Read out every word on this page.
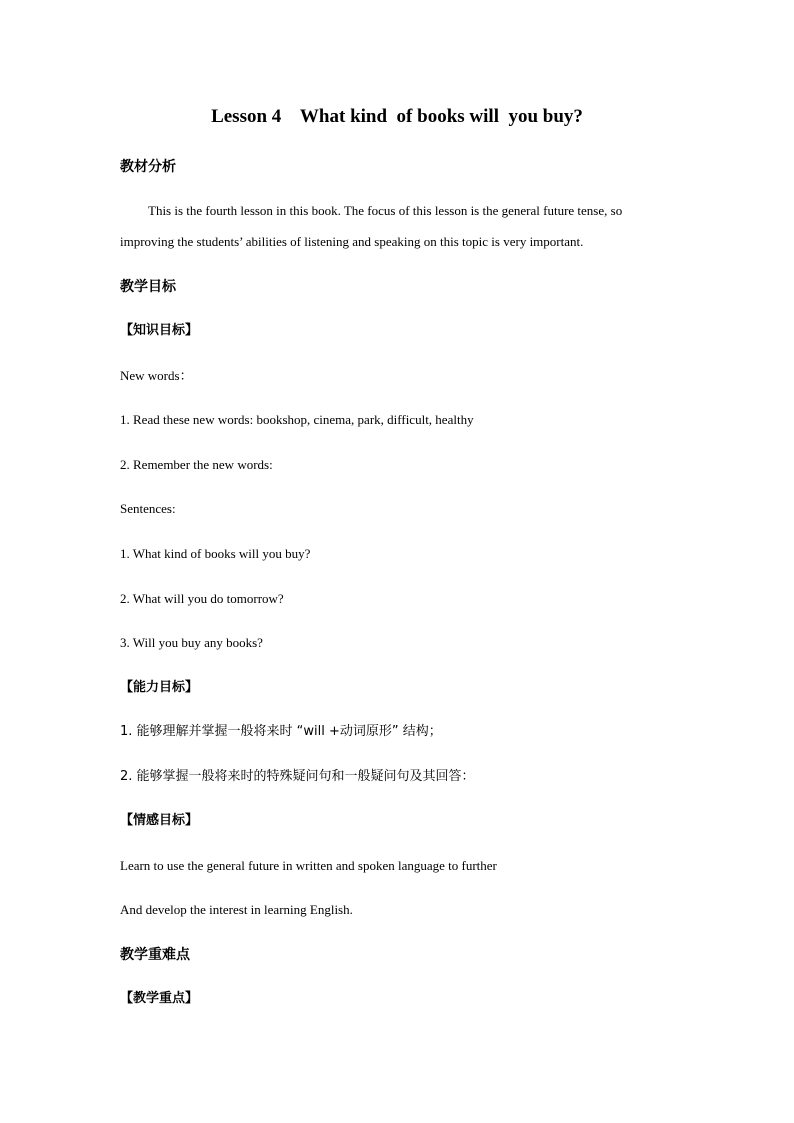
Lesson 4    What kind  of books will  you buy?
教材分析
This is the fourth lesson in this book. The focus of this lesson is the general future tense, so
improving the students’ abilities of listening and speaking on this topic is very important.
教学目标
【知识目标】
New words：
1. Read these new words: bookshop, cinema, park, difficult, healthy
2. Remember the new words:
Sentences:
1. What kind of books will you buy?
2. What will you do tomorrow?
3. Will you buy any books?
【能力目标】
1. 能够理解并掌握一般将来时 “will +动词原形” 结构；
2. 能够掌握一般将来时的特殊疑问句和一般疑问句及其回答：
【情感目标】
Learn to use the general future in written and spoken language to further
And develop the interest in learning English.
教学重难点
【教学重点】
